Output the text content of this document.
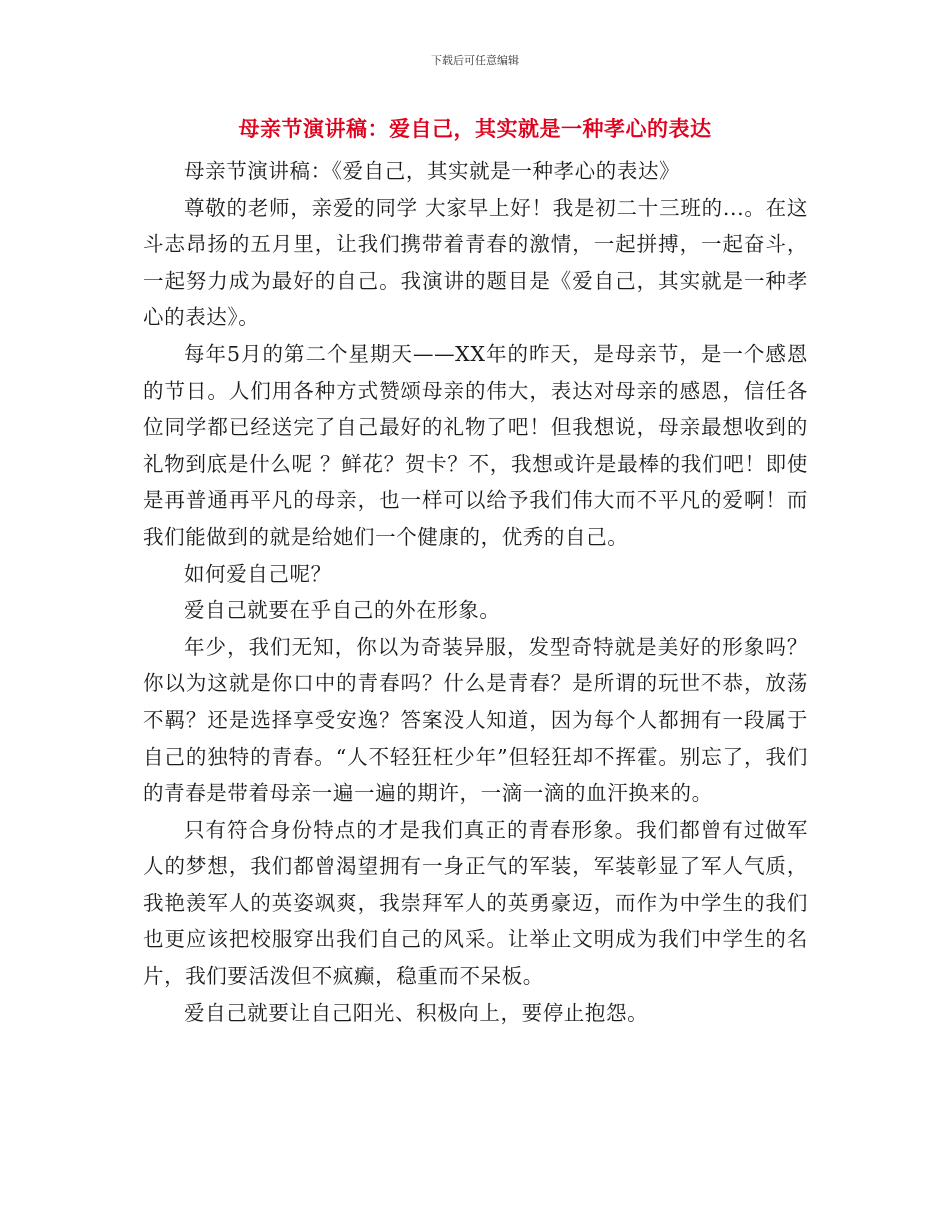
下载后可任意编辑
母亲节演讲稿：爱自己，其实就是一种孝心的表达

母亲节演讲稿：《爱自己，其实就是一种孝心的表达》

尊敬的老师，亲爱的同学 大家早上好！我是初二十三班的...。在这斗志昂扬的五月里，让我们携带着青春的激情，一起拼搏，一起奋斗，一起努力成为最好的自己。我演讲的题目是《爱自己，其实就是一种孝心的表达》。

每年5月的第二个星期天——XX年的昨天，是母亲节，是一个感恩的节日。人们用各种方式赞颂母亲的伟大，表达对母亲的感恩，信任各位同学都已经送完了自己最好的礼物了吧！但我想说，母亲最想收到的礼物到底是什么呢 ？鲜花？贺卡？不，我想或许是最棒的我们吧！即使是再普通再平凡的母亲，也一样可以给予我们伟大而不平凡的爱啊！而我们能做到的就是给她们一个健康的，优秀的自己。

如何爱自己呢？

爱自己就要在乎自己的外在形象。

年少，我们无知，你以为奇装异服，发型奇特就是美好的形象吗？你以为这就是你口中的青春吗？什么是青春？是所谓的玩世不恭，放荡不羁？还是选择享受安逸？答案没人知道，因为每个人都拥有一段属于自己的独特的青春。“人不轻狂枉少年”但轻狂却不挥霍。别忘了，我们的青春是带着母亲一遍一遍的期许，一滴一滴的血汗换来的。

只有符合身份特点的才是我们真正的青春形象。我们都曾有过做军人的梦想，我们都曾渴望拥有一身正气的军装，军装彰显了军人气质，我艳羡军人的英姿飒爽，我崇拜军人的英勇豪迈，而作为中学生的我们也更应该把校服穿出我们自己的风采。让举止文明成为我们中学生的名片，我们要活泼但不疯癫，稳重而不呆板。

爱自己就要让自己阳光、积极向上，要停止抱怨。
